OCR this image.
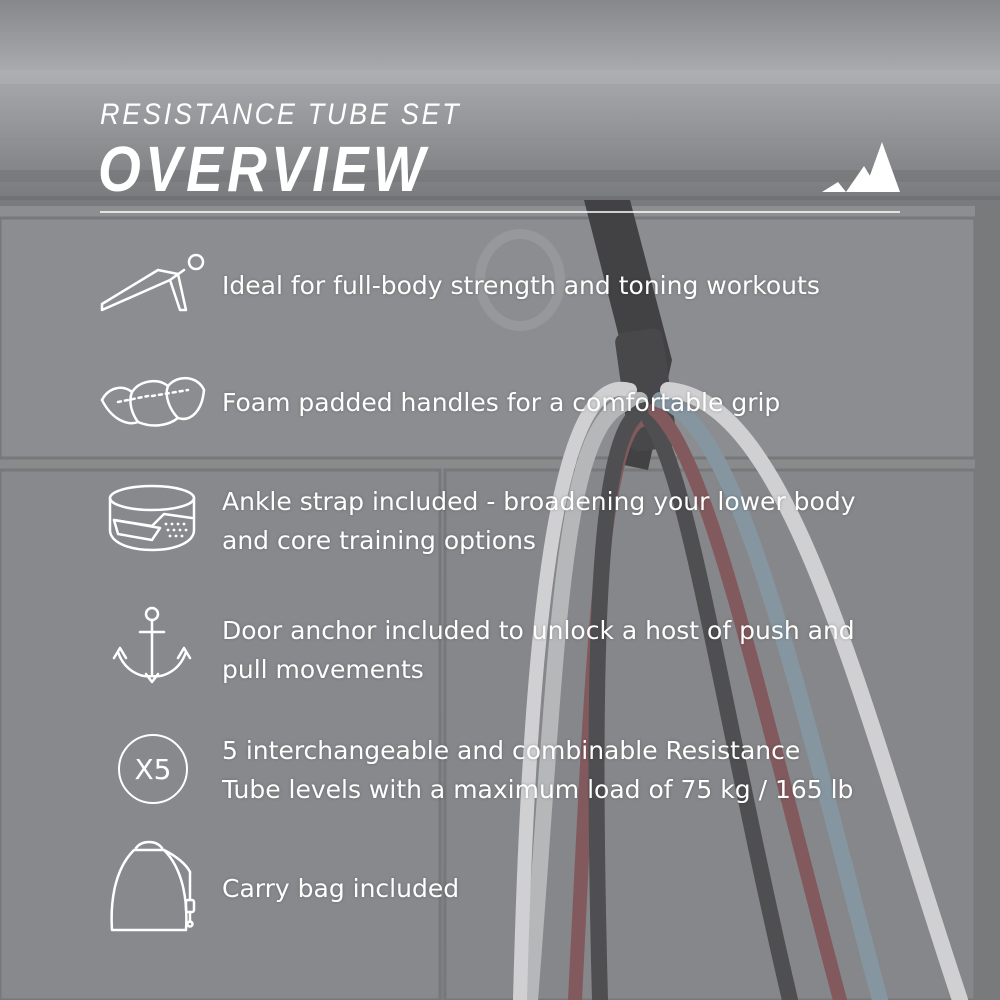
RESISTANCE TUBE SET
OVERVIEW
Ideal for full-body strength and toning workouts
Foam padded handles for a comfortable grip
Ankle strap included - broadening your lower body
and core training options
Door anchor included to unlock a host of push and
pull movements
X5
5 interchangeable and combinable Resistance
Tube levels with a maximum load of 75 kg / 165 lb
Carry bag included
